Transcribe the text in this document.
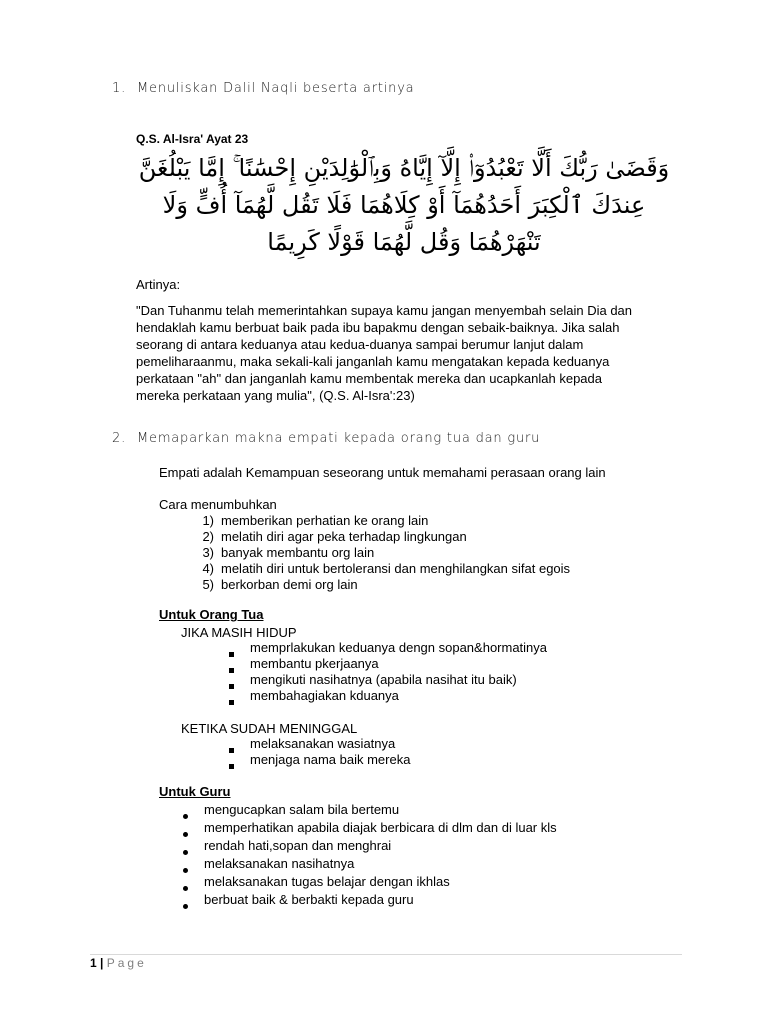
1. Menuliskan Dalil Naqli beserta artinya
Q.S. Al-Isra' Ayat 23
وَقَضَىٰ رَبُّكَ أَلَّا تَعْبُدُوٓا۟ إِلَّآ إِيَّاهُ وَبِٱلْوَٰلِدَيْنِ إِحْسَٰنًا ۚ إِمَّا يَبْلُغَنَّ
عِندَكَ ٱلْكِبَرَ أَحَدُهُمَآ أَوْ كِلَاهُمَا فَلَا تَقُل لَّهُمَآ أُفٍّ وَلَا
تَنْهَرْهُمَا وَقُل لَّهُمَا قَوْلًا كَرِيمًا
Artinya:
"Dan Tuhanmu telah memerintahkan supaya kamu jangan menyembah selain Dia dan
hendaklah kamu berbuat baik pada ibu bapakmu dengan sebaik-baiknya. Jika salah
seorang di antara keduanya atau kedua-duanya sampai berumur lanjut dalam
pemeliharaanmu, maka sekali-kali janganlah kamu mengatakan kepada keduanya
perkataan "ah" dan janganlah kamu membentak mereka dan ucapkanlah kepada
mereka perkataan yang mulia", (Q.S. Al-Isra':23)
2. Memaparkan makna empati kepada orang tua dan guru
Empati adalah Kemampuan seseorang untuk memahami perasaan orang lain
Cara menumbuhkan
1) memberikan perhatian ke orang lain
2) melatih diri agar peka terhadap lingkungan
3) banyak membantu org lain
4) melatih diri untuk bertoleransi dan menghilangkan sifat egois
5) berkorban demi org lain
Untuk Orang Tua
JIKA MASIH HIDUP
memprlakukan keduanya dengn sopan&hormatinya
membantu pkerjaanya
mengikuti nasihatnya (apabila nasihat itu baik)
membahagiakan kduanya
KETIKA SUDAH MENINGGAL
melaksanakan wasiatnya
menjaga nama baik mereka
Untuk Guru
mengucapkan salam bila bertemu
memperhatikan apabila diajak berbicara di dlm dan di luar kls
rendah hati,sopan dan menghrai
melaksanakan nasihatnya
melaksanakan tugas belajar dengan ikhlas
berbuat baik & berbakti kepada guru
1 | Page
